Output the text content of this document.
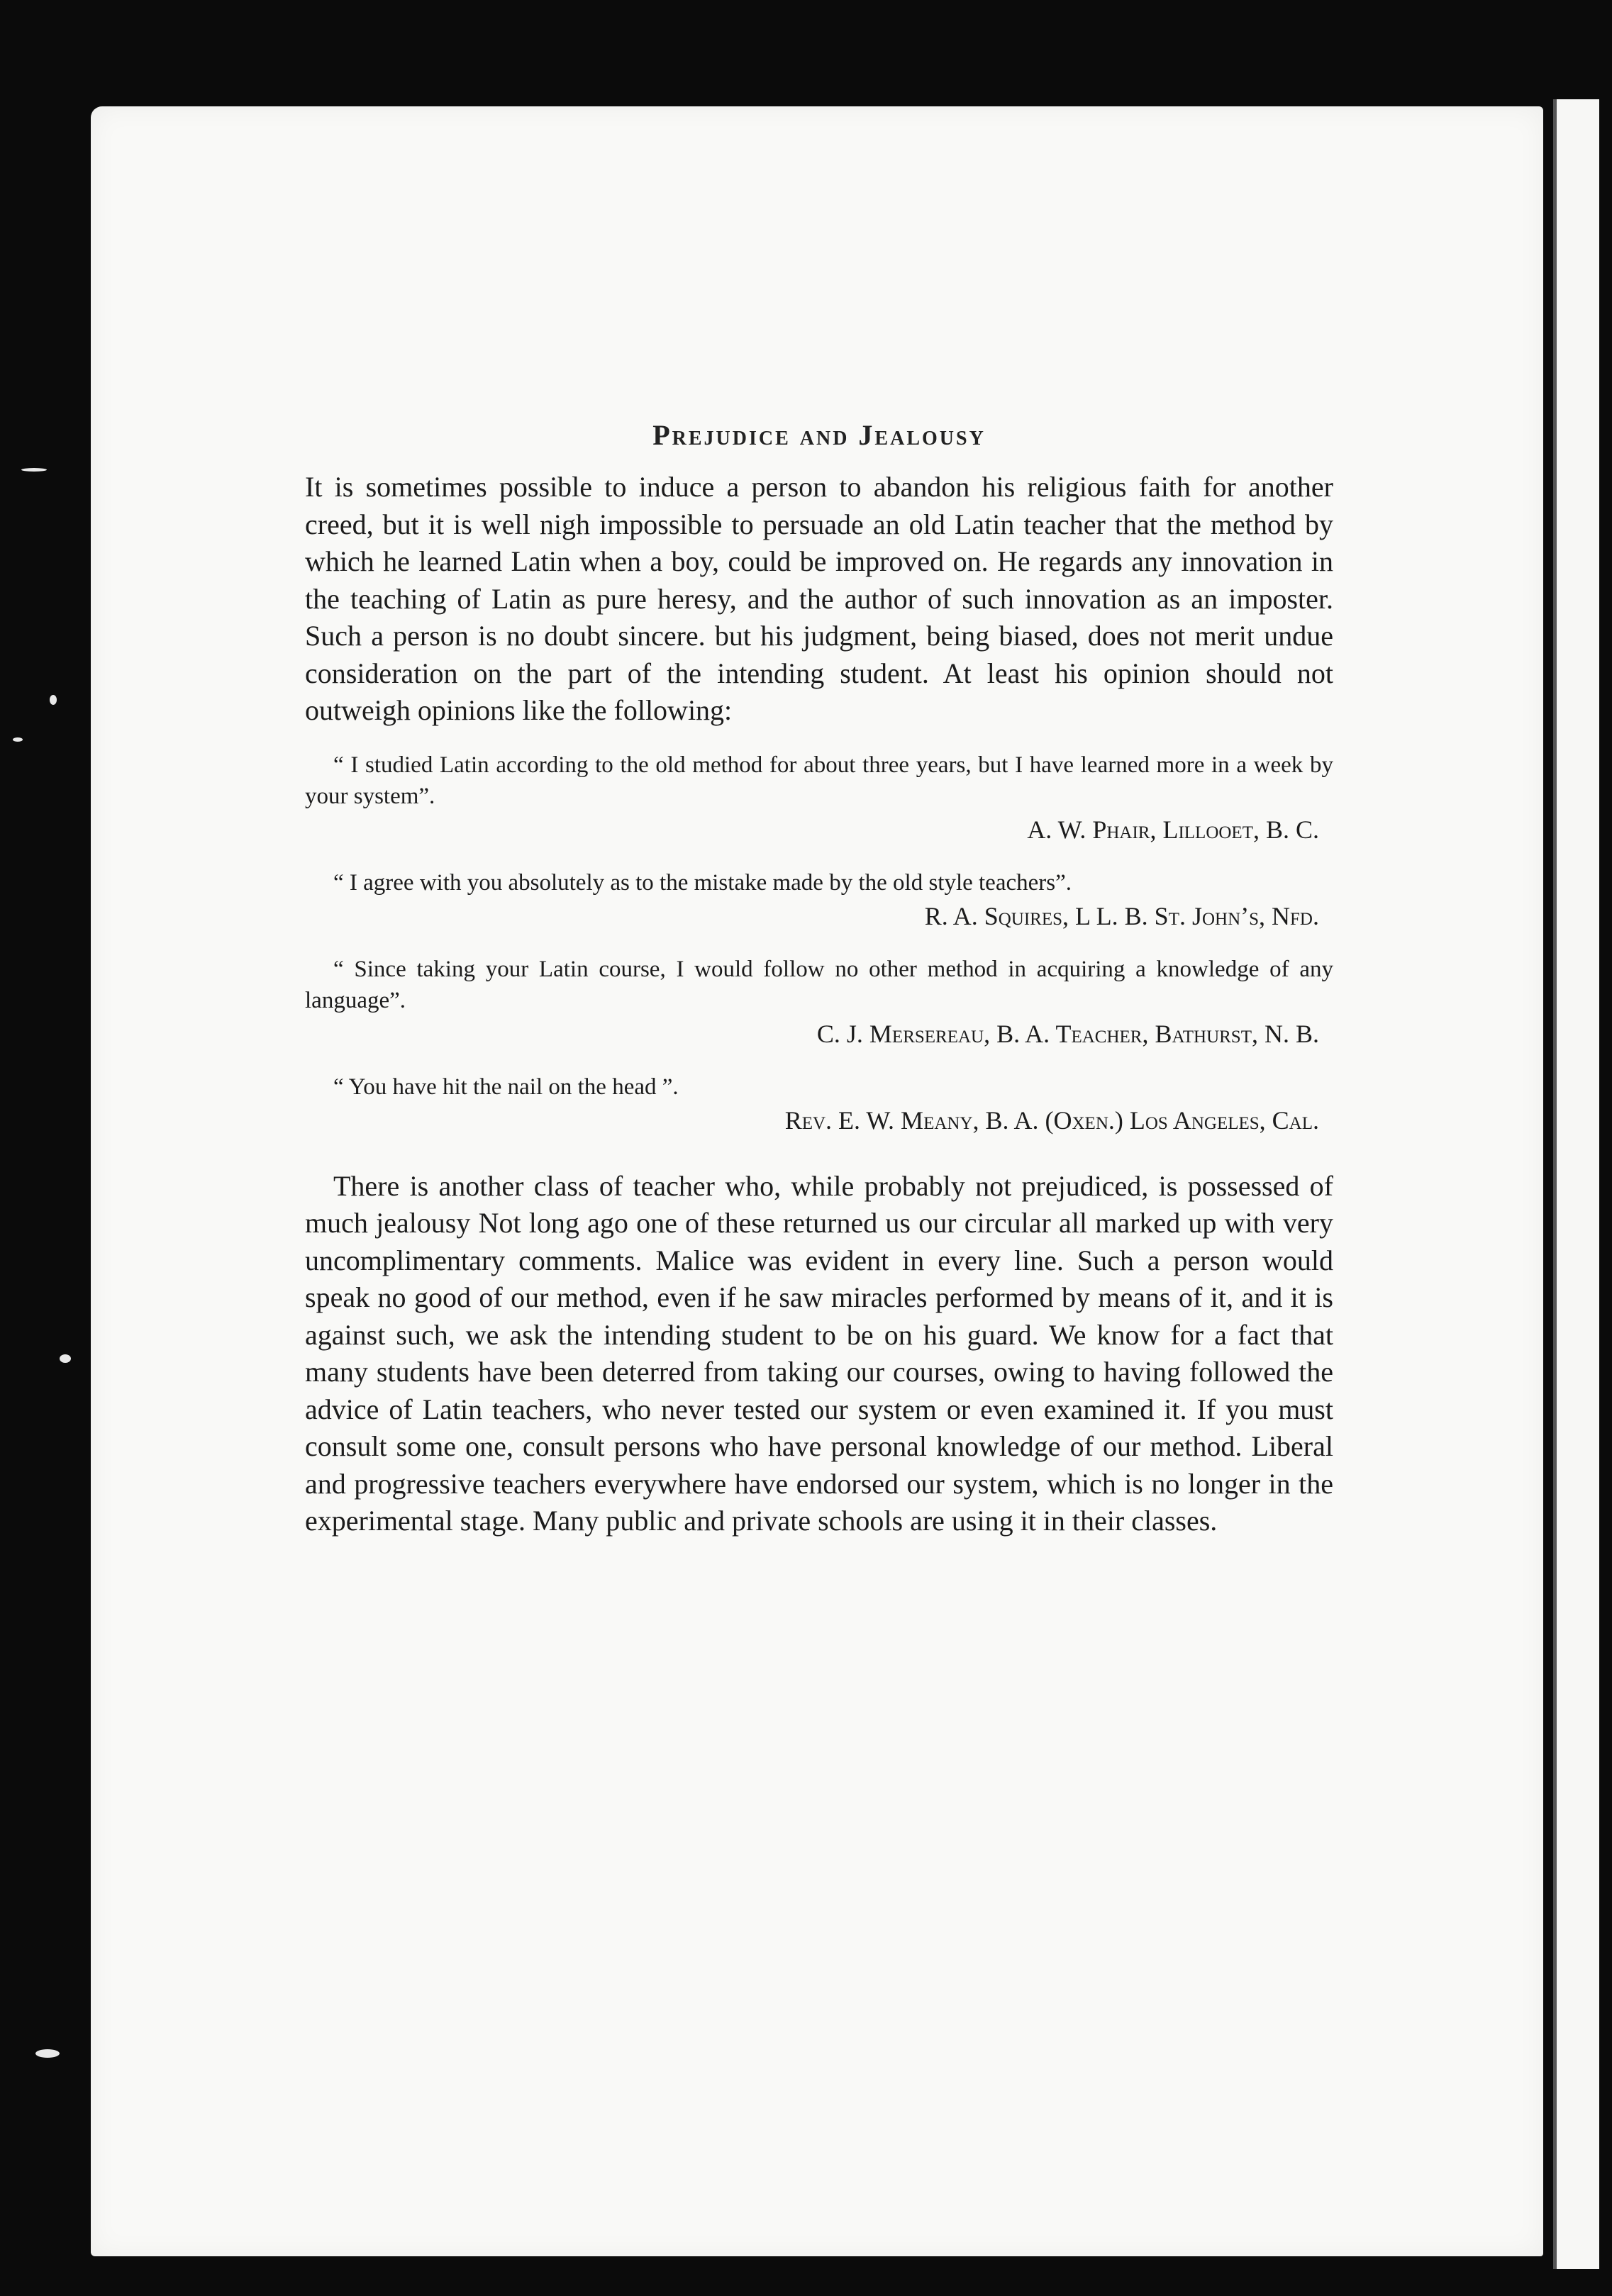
Prejudice and Jealousy

It is sometimes possible to induce a person to abandon his religious faith for another creed, but it is well nigh impossible to persuade an old Latin teacher that the method by which he learned Latin when a boy, could be improved on. He regards any innovation in the teaching of Latin as pure heresy, and the author of such innovation as an imposter. Such a person is no doubt sincere. but his judgment, being biased, does not merit undue consideration on the part of the intending student. At least his opinion should not outweigh opinions like the following:

“ I studied Latin according to the old method for about three years, but I have learned more in a week by your system”.
A. W. Phair, Lillooet, B. C.
“ I agree with you absolutely as to the mistake made by the old style teachers”.
R. A. Squires, L L. B. St. John’s, Nfd.
“ Since taking your Latin course, I would follow no other method in acquiring a knowledge of any language”.
C. J. Mersereau, B. A. Teacher, Bathurst, N. B.
“ You have hit the nail on the head ”.
Rev. E. W. Meany, B. A. (Oxen.) Los Angeles, Cal.

There is another class of teacher who, while probably not prejudiced, is possessed of much jealousy Not long ago one of these returned us our circular all marked up with very uncomplimentary comments. Malice was evident in every line. Such a person would speak no good of our method, even if he saw miracles performed by means of it, and it is against such, we ask the intending student to be on his guard. We know for a fact that many students have been deterred from taking our courses, owing to having followed the advice of Latin teachers, who never tested our system or even examined it. If you must consult some one, consult persons who have personal knowledge of our method. Liberal and progressive teachers everywhere have endorsed our system, which is no longer in the experimental stage. Many public and private schools are using it in their classes.
